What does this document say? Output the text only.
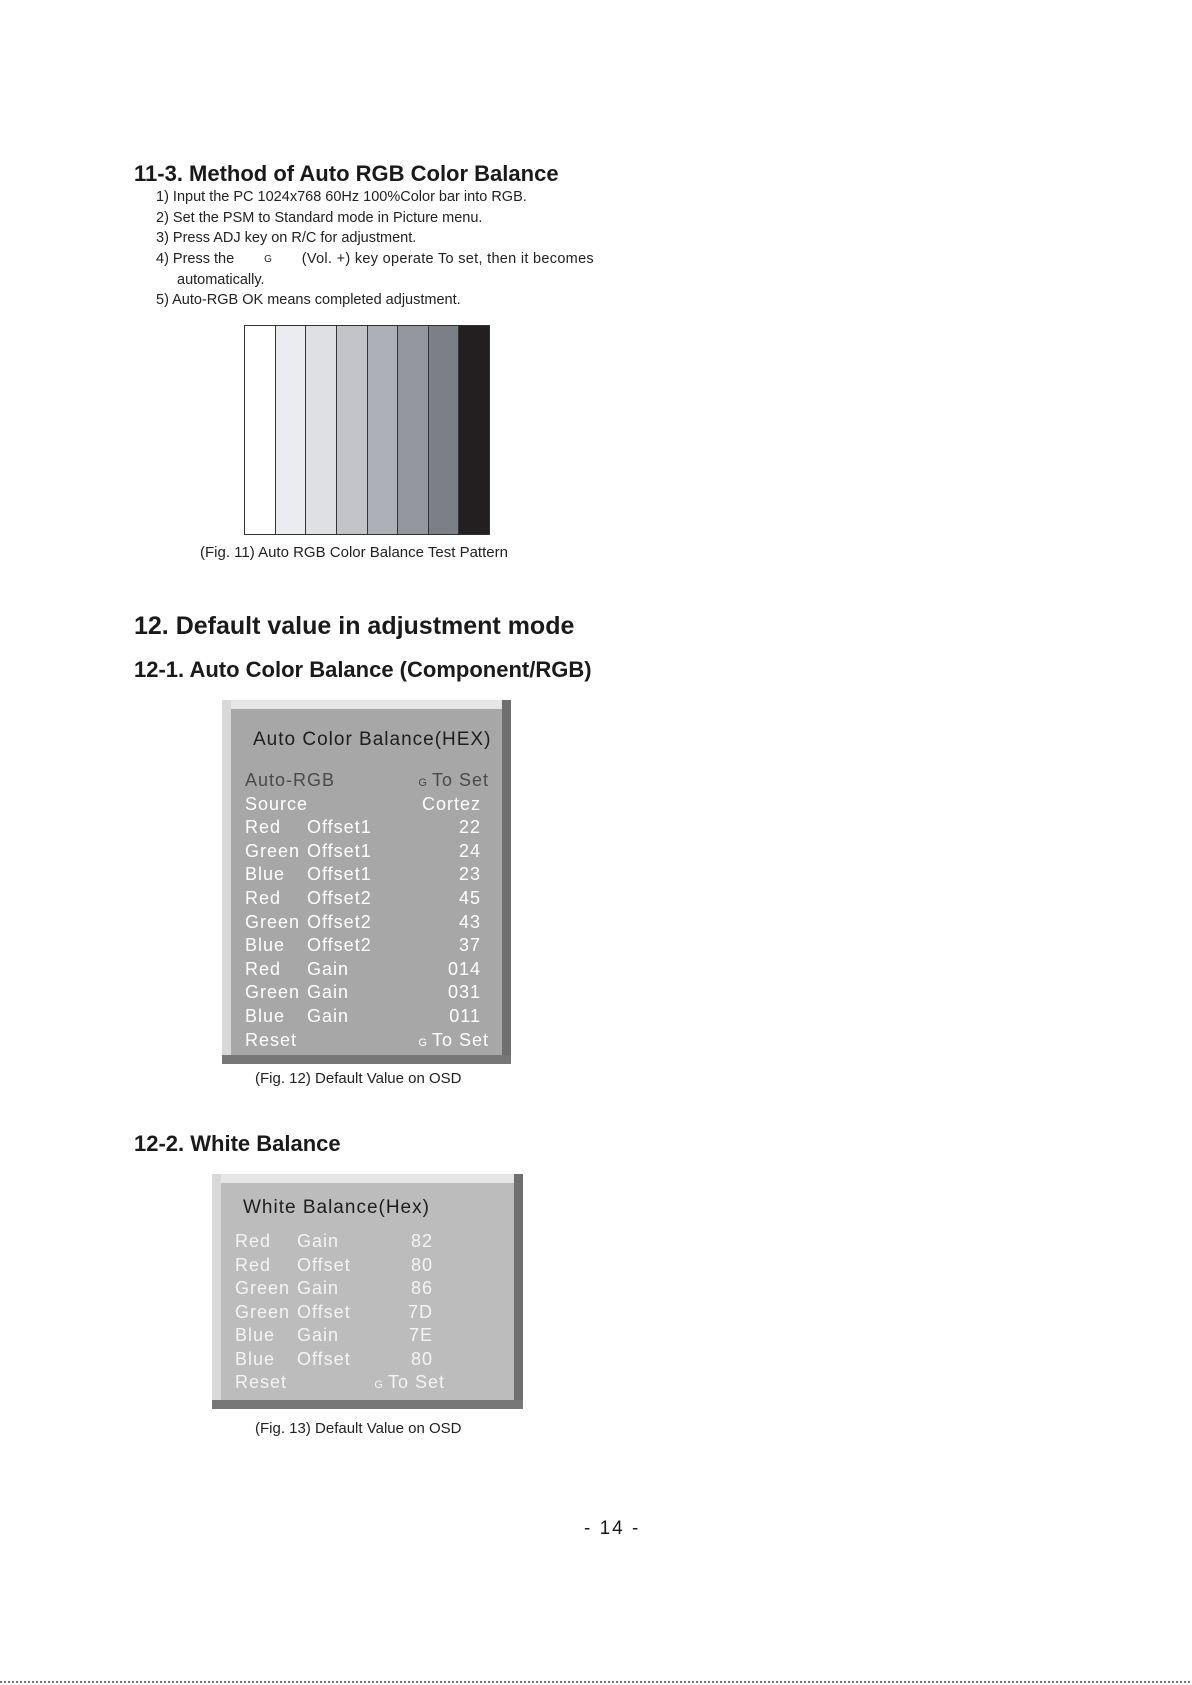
11-3. Method of Auto RGB Color Balance
1) Input the PC 1024x768 60Hz 100%Color bar into RGB.
2) Set the PSM to Standard mode in Picture menu.
3) Press ADJ key on R/C for adjustment.
4) Press the	G (Vol. +) key operate To set, then it becomes
automatically.
5) Auto-RGB OK means completed adjustment.
(Fig. 11) Auto RGB Color Balance Test Pattern
12. Default value in adjustment mode
12-1. Auto Color Balance (Component/RGB)
Auto Color Balance(HEX)
Auto-RGB	G To Set
Source	Cortez
Red Offset1	22
Green Offset1	24
Blue Offset1	23
Red Offset2	45
Green Offset2	43
Blue Offset2	37
Red Gain	014
Green Gain	031
Blue Gain	011
Reset	G To Set
(Fig. 12) Default Value on OSD
12-2. White Balance
White Balance(Hex)
Red Gain	82
Red Offset	80
Green Gain	86
Green Offset	7D
Blue Gain	7E
Blue Offset	80
Reset	G To Set
(Fig. 13) Default Value on OSD
- 14 -
